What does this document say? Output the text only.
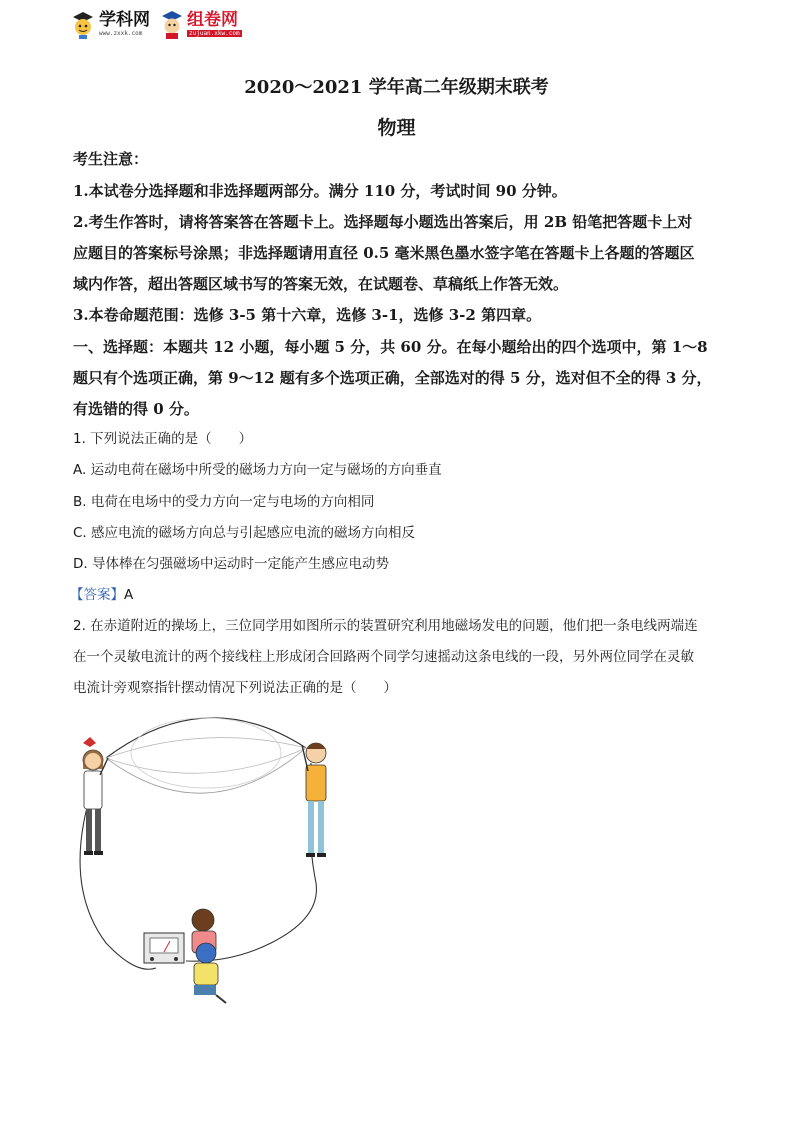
学科网
www.zxxk.com
组卷网
zujuan.xkw.com
2020～2021 学年高二年级期末联考
物理
考生注意：
1.本试卷分选择题和非选择题两部分。满分 110 分，考试时间 90 分钟。
2.考生作答时，请将答案答在答题卡上。选择题每小题选出答案后，用 2B 铅笔把答题卡上对
应题目的答案标号涂黑；非选择题请用直径 0.5 毫米黑色墨水签字笔在答题卡上各题的答题区
域内作答，超出答题区域书写的答案无效，在试题卷、草稿纸上作答无效。
3.本卷命题范围：选修 3-5 第十六章，选修 3-1，选修 3-2 第四章。
一、选择题：本题共 12 小题，每小题 5 分，共 60 分。在每小题给出的四个选项中，第 1～8
题只有个选项正确，第 9～12 题有多个选项正确，全部选对的得 5 分，选对但不全的得 3 分，
有选错的得 0 分。
1. 下列说法正确的是（　　）
A. 运动电荷在磁场中所受的磁场力方向一定与磁场的方向垂直
B. 电荷在电场中的受力方向一定与电场的方向相同
C. 感应电流的磁场方向总与引起感应电流的磁场方向相反
D. 导体棒在匀强磁场中运动时一定能产生感应电动势
【答案】A
2. 在赤道附近的操场上，三位同学用如图所示的装置研究利用地磁场发电的问题，他们把一条电线两端连
在一个灵敏电流计的两个接线柱上形成闭合回路两个同学匀速摇动这条电线的一段，另外两位同学在灵敏
电流计旁观察指针摆动情况下列说法正确的是（　　）
